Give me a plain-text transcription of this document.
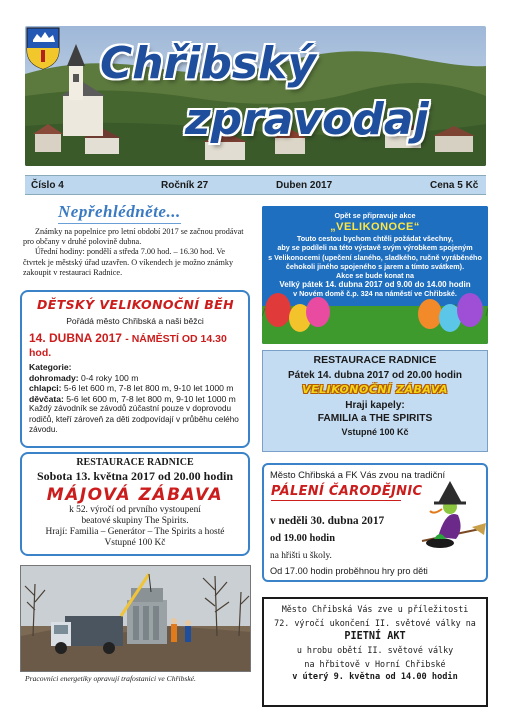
Chřibský
zpravodaj
Číslo 4	Ročník 27	Duben 2017	Cena 5 Kč
Nepřehlédněte...

Známky na popelnice pro letní období 2017 se začnou prodávat pro občany v druhé polovině dubna.

Úřední hodiny: pondělí a středa 7.00 hod. – 16.30 hod. Ve čtvrtek je městský úřad uzavřen. O víkendech je možno známky zakoupit v restauraci Radnice.

DĚTSKÝ VELIKONOČNÍ BĚH
Pořádá město Chřibská a naši běžci
14. DUBNA 2017 - NÁMĚSTÍ OD 14.30 hod.
Kategorie:
dohromady: 0-4 roky 100 m
chlapci: 5-6 let 600 m, 7-8 let 800 m, 9-10 let 1000 m
děvčata: 5-6 let 600 m, 7-8 let 800 m, 9-10 let 1000 m
Každý závodník se závodů zúčastní pouze v doprovodu rodičů, kteří zároveň za děti zodpovídají v průběhu celého závodu.
RESTAURACE RADNICE
Sobota 13. května 2017 od 20.00 hodin
MÁJOVÁ ZÁBAVA
k 52. výročí od prvního vystoupení
beatové skupiny The Spirits.
Hrají: Familia – Generátor – The Spirits a hosté
Vstupné 100 Kč
Pracovníci energetiky opravují trafostanici ve Chřibské.
Opět se připravuje akce
„VELIKONOCE“
Touto cestou bychom chtěli požádat všechny,
aby se podíleli na této výstavě svým výrobkem spojeným
s Velikonocemi (upečení slaného, sladkého, ručně vyráběného
čehokoli jiného spojeného s jarem a tímto svátkem).
Akce se bude konat na
Velký pátek 14. dubna 2017 od 9.00 do 14.00 hodin
v Novém domě č.p. 324 na náměstí ve Chřibské.
RESTAURACE RADNICE
Pátek 14. dubna 2017 od 20.00 hodin
VELIKONOČNÍ ZÁBAVA
Hraji kapely:
FAMILIA a THE SPIRITS
Vstupné 100 Kč
Město Chřibská a FK Vás zvou na tradiční
PÁLENÍ ČARODĚJNIC
v neděli 30. dubna 2017
od 19.00 hodin
na hřišti u školy.
Od 17.00 hodin proběhnou hry pro děti
Město Chřibská Vás zve u příležitosti
72. výročí ukončení II. světové války na
PIETNÍ AKT
u hrobu obětí II. světové války
na hřbitově v Horní Chřibské
v úterý 9. května od 14.00 hodin
